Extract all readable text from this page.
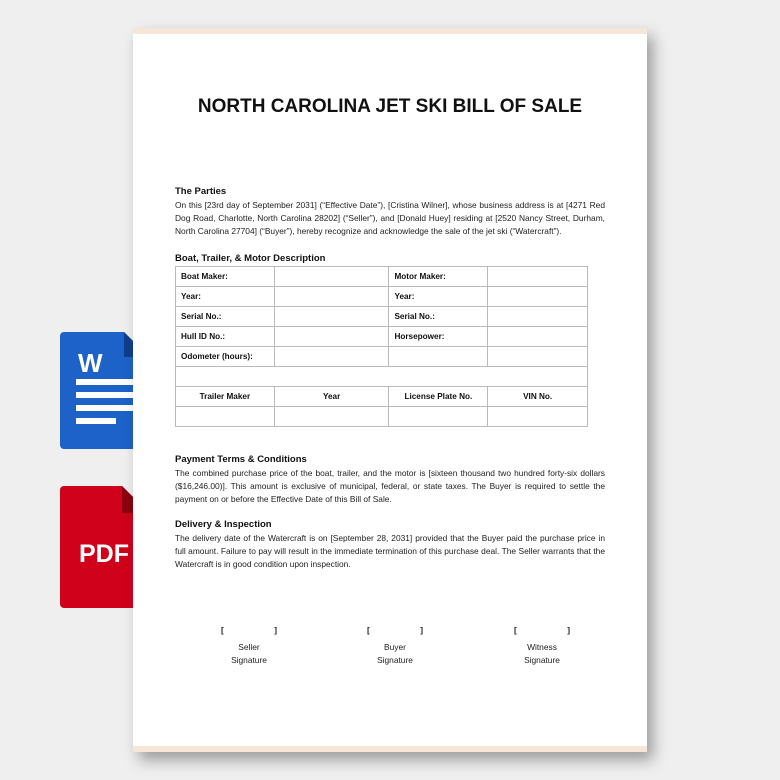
W
PDF
NORTH CAROLINA JET SKI BILL OF SALE
The Parties
On this [23rd day of September 2031] (“Effective Date”), [Cristina Wilner], whose business address is at [4271 Red Dog Road, Charlotte, North Carolina 28202] (“Seller”), and [Donald Huey] residing at [2520 Nancy Street, Durham, North Carolina 27704] (“Buyer”), hereby recognize and acknowledge the sale of the jet ski (“Watercraft”).
Boat, Trailer, & Motor Description
Boat Maker:		Motor Maker:	
Year:		Year:	
Serial No.:		Serial No.:	
Hull ID No.:		Horsepower:	
Odometer (hours):			

Trailer Maker	Year	License Plate No.	VIN No.

Payment Terms & Conditions
The combined purchase price of the boat, trailer, and the motor is [sixteen thousand two hundred forty-six dollars ($16,246.00)]. This amount is exclusive of municipal, federal, or state taxes. The Buyer is required to settle the payment on or before the Effective Date of this Bill of Sale.
Delivery & Inspection
The delivery date of the Watercraft is on [September 28, 2031] provided that the Buyer paid the purchase price in full amount. Failure to pay will result in the immediate termination of this purchase deal. The Seller warrants that the Watercraft is in good condition upon inspection.
[	]
Seller
Signature
[	]
Buyer
Signature
[	]
Witness
Signature
